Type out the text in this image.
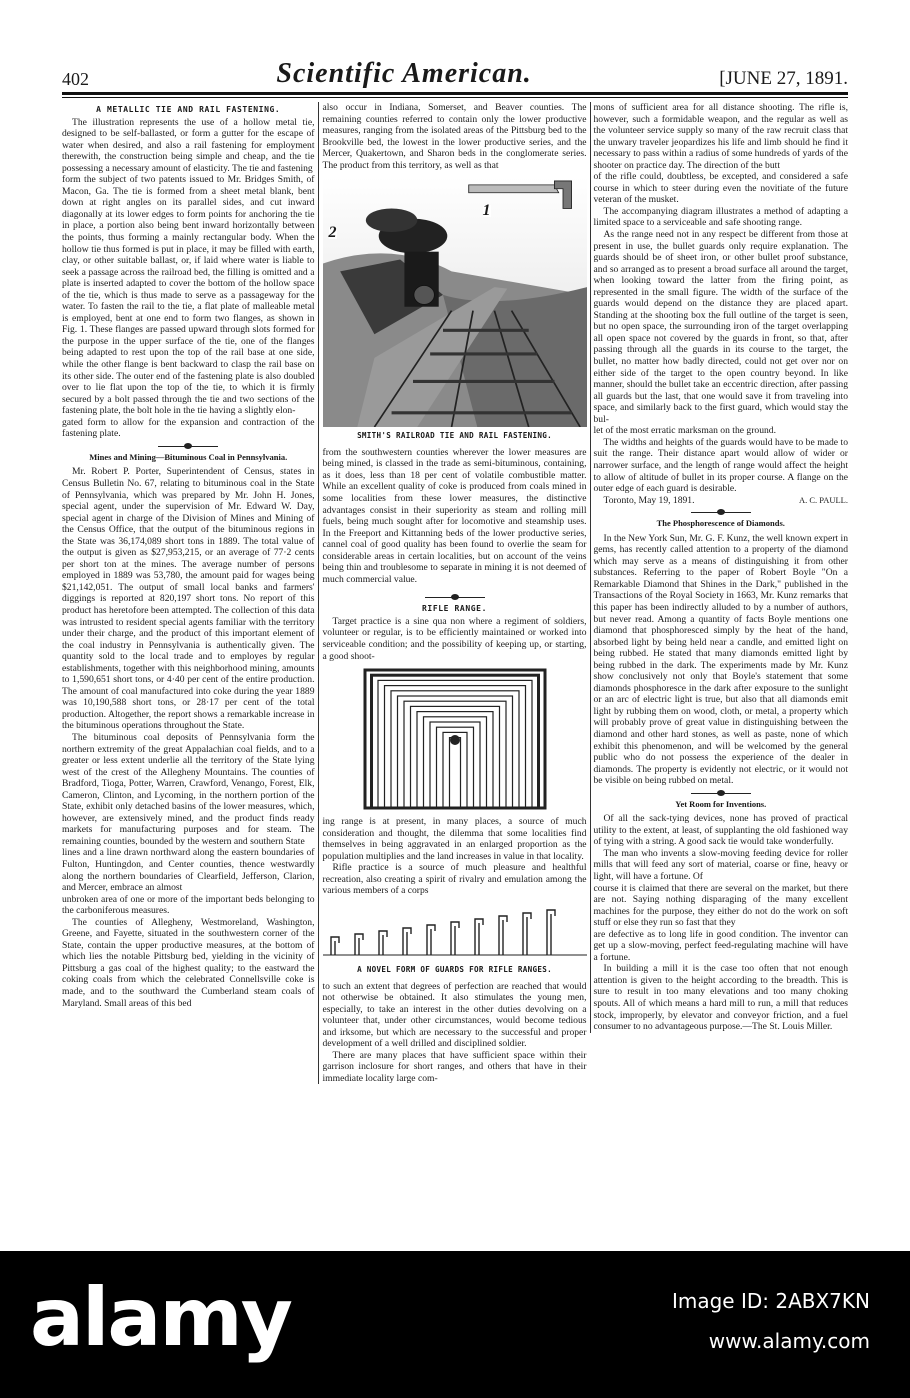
402	Scientific American.	[JUNE 27, 1891.
A METALLIC TIE AND RAIL FASTENING.

The illustration represents the use of a hollow metal tie, designed to be self-ballasted, or form a gutter for the escape of water when desired, and also a rail fastening for employment therewith, the construction being simple and cheap, and the tie possessing a necessary amount of elasticity. The tie and fastening

form the subject of two patents issued to Mr. Bridges Smith, of Macon, Ga. The tie is formed from a sheet metal blank, bent down at right angles on its parallel sides, and cut inward diagonally at its lower edges to form points for anchoring the tie in place, a portion also being bent inward horizontally between the points, thus forming a mainly rectangular body. When the hollow tie thus formed is put in place, it may be filled with earth, clay, or other suitable ballast, or, if laid where water is liable to seek a passage across the railroad bed, the filling is omitted and a plate is inserted adapted to cover the bottom of the hollow space of the tie, which is thus made to serve as a passageway for the water. To fasten the rail to the tie, a flat plate of malleable metal is employed, bent at one end to form two flanges, as shown in Fig. 1. These flanges are passed upward through slots formed for the purpose in the upper surface of the tie, one of the flanges being adapted to rest upon the top of the rail base at one side, while the other flange is bent backward to clasp the rail base on its other side. The outer end of the fastening plate is also doubled over to lie flat upon the top of the tie, to which it is firmly secured by a bolt passed through the tie and two sections of the fastening plate, the bolt hole in the tie having a slightly elon-

gated form to allow for the expansion and contraction of the fastening plate.

Mines and Mining—Bituminous Coal in Pennsylvania.

Mr. Robert P. Porter, Superintendent of Census, states in Census Bulletin No. 67, relating to bituminous coal in the State of Pennsylvania, which was prepared by Mr. John H. Jones, special agent, under the supervision of Mr. Edward W. Day, special agent in charge of the Division of Mines and Mining of the Census Office, that the output of the bituminous regions in the State was 36,174,089 short tons in 1889. The total value of the output is given as $27,953,215, or an average of 77·2 cents per short ton at the mines. The average number of persons employed in 1889 was 53,780, the amount paid for wages being $21,142,051. The output of small local banks and farmers' diggings is reported at 820,197 short tons. No report of this product has heretofore been attempted. The collection of this data was intrusted to resident special agents familiar with the territory under their charge, and the product of this important element of the coal industry in Pennsylvania is authentically given. The quantity sold to the local trade and to employes by regular establishments, together with this neighborhood mining, amounts to 1,590,651 short tons, or 4·40 per cent of the entire production. The amount of coal manufactured into coke during the year 1889 was 10,190,588 short tons, or 28·17 per cent of the total production. Altogether, the report shows a remarkable increase in the bituminous operations throughout the State.

The bituminous coal deposits of Pennsylvania form the northern extremity of the great Appalachian coal fields, and to a greater or less extent underlie all the territory of the State lying west of the crest of the Allegheny Mountains. The counties of Bradford, Tioga, Potter, Warren, Crawford, Venango, Forest, Elk, Cameron, Clinton, and Lycoming, in the northern portion of the State, exhibit only detached basins of the lower measures, which, however, are extensively mined, and the product finds ready markets for manufacturing purposes and for steam. The remaining counties, bounded by the western and southern State

lines and a line drawn northward along the eastern boundaries of Fulton, Huntingdon, and Center counties, thence westwardly along the northern boundaries of Clearfield, Jefferson, Clarion, and Mercer, embrace an almost

unbroken area of one or more of the important beds belonging to the carboniferous measures.

The counties of Allegheny, Westmoreland, Washington, Greene, and Fayette, situated in the southwestern corner of the State, contain the upper productive measures, at the bottom of which lies the notable Pittsburg bed, yielding in the vicinity of Pittsburg a gas coal of the highest quality; to the eastward the coking coals from which the celebrated Connellsville coke is made, and to the southward the Cumberland steam coals of Maryland. Small areas of this bed

also occur in Indiana, Somerset, and Beaver counties. The remaining counties referred to contain only the lower productive measures, ranging from the isolated areas of the Pittsburg bed to the Brookville bed, the lowest in the lower productive series, and the Mercer, Quakertown, and Sharon beds in the conglomerate series. The product from this territory, as well as that

2
1
SMITH'S RAILROAD TIE AND RAIL FASTENING.

from the southwestern counties wherever the lower measures are being mined, is classed in the trade as semi-bituminous, containing, as it does, less than 18 per cent of volatile combustible matter. While an excellent quality of coke is produced from coals mined in some localities from these lower measures, the distinctive advantages consist in their superiority as steam and rolling mill fuels, being much sought after for locomotive and steamship uses. In the Freeport and Kittanning beds of the lower productive series, cannel coal of good quality has been found to overlie the seam for considerable areas in certain localities, but on account of the veins being thin and troublesome to separate in mining it is not deemed of much commercial value.

RIFLE RANGE.

Target practice is a sine qua non where a regiment of soldiers, volunteer or regular, is to be efficiently maintained or worked into serviceable condition; and the possibility of keeping up, or starting, a good shoot-

ing range is at present, in many places, a source of much consideration and thought, the dilemma that some localities find themselves in being aggravated in an enlarged proportion as the population multiplies and the land increases in value in that locality.

Rifle practice is a source of much pleasure and healthful recreation, also creating a spirit of rivalry and emulation among the various members of a corps

A NOVEL FORM OF GUARDS FOR RIFLE RANGES.

to such an extent that degrees of perfection are reached that would not otherwise be obtained. It also stimulates the young men, especially, to take an interest in the other duties devolving on a volunteer that, under other circumstances, would become tedious and irksome, but which are necessary to the successful and proper development of a well drilled and disciplined soldier.

There are many places that have sufficient space within their garrison inclosure for short ranges, and others that have in their immediate locality large com-

mons of sufficient area for all distance shooting. The rifle is, however, such a formidable weapon, and the regular as well as the volunteer service supply so many of the raw recruit class that the unwary traveler jeopardizes his life and limb should he find it necessary to pass within a radius of some hundreds of yards of the shooter on practice day. The direction of the butt

of the rifle could, doubtless, be excepted, and considered a safe course in which to steer during even the novitiate of the future veteran of the musket.

The accompanying diagram illustrates a method of adapting a limited space to a serviceable and safe shooting range.

As the range need not in any respect be different from those at present in use, the bullet guards only require explanation. The guards should be of sheet iron, or other bullet proof substance, and so arranged as to present a broad surface all around the target, when looking toward the latter from the firing point, as represented in the small figure. The width of the surface of the guards would depend on the distance they are placed apart. Standing at the shooting box the full outline of the target is seen, but no open space, the surrounding iron of the target overlapping all open space not covered by the guards in front, so that, after passing through all the guards in its course to the target, the bullet, no matter how badly directed, could not get over nor on either side of the target to the open country beyond. In like manner, should the bullet take an eccentric direction, after passing all guards but the last, that one would save it from traveling into space, and similarly back to the first guard, which would stay the bul-

let of the most erratic marksman on the ground.

The widths and heights of the guards would have to be made to suit the range. Their distance apart would allow of wider or narrower surface, and the length of range would affect the height to allow of altitude of bullet in its proper course. A flange on the outer edge of each guard is desirable.

Toronto, May 19, 1891.	A. C. PAULL.
The Phosphorescence of Diamonds.

In the New York Sun, Mr. G. F. Kunz, the well known expert in gems, has recently called attention to a property of the diamond which may serve as a means of distinguishing it from other substances. Referring to the paper of Robert Boyle "On a Remarkable Diamond that Shines in the Dark," published in the Transactions of the Royal Society in 1663, Mr. Kunz remarks that this paper has been indirectly alluded to by a number of authors, but never read. Among a quantity of facts Boyle mentions one diamond that phosphoresced simply by the heat of the hand, absorbed light by being held near a candle, and emitted light on being rubbed. He stated that many diamonds emitted light by being rubbed in the dark. The experiments made by Mr. Kunz show conclusively not only that Boyle's statement that some diamonds phosphoresce in the dark after exposure to the sunlight or an arc of electric light is true, but also that all diamonds emit light by rubbing them on wood, cloth, or metal, a property which will probably prove of great value in distinguishing between the diamond and other hard stones, as well as paste, none of which exhibit this phenomenon, and will be welcomed by the general public who do not possess the experience of the dealer in diamonds. The property is evidently not electric, or it would not be visible on being rubbed on metal.

Yet Room for Inventions.

Of all the sack-tying devices, none has proved of practical utility to the extent, at least, of supplanting the old fashioned way of tying with a string. A good sack tie would take wonderfully.

The man who invents a slow-moving feeding device for roller mills that will feed any sort of material, coarse or fine, heavy or light, will have a fortune. Of

course it is claimed that there are several on the market, but there are not. Saying nothing disparaging of the many excellent machines for the purpose, they either do not do the work on soft stuff or else they run so fast that they

are defective as to long life in good condition. The inventor can get up a slow-moving, perfect feed-regulating machine will have a fortune.

In building a mill it is the case too often that not enough attention is given to the height according to the breadth. This is sure to result in too many elevations and too many choking spouts. All of which means a hard mill to run, a mill that reduces stock, improperly, by elevator and conveyor friction, and a fuel consumer to no advantageous purpose.—The St. Louis Miller.

alamy	Image ID: 2ABX7KN
www.alamy.com
